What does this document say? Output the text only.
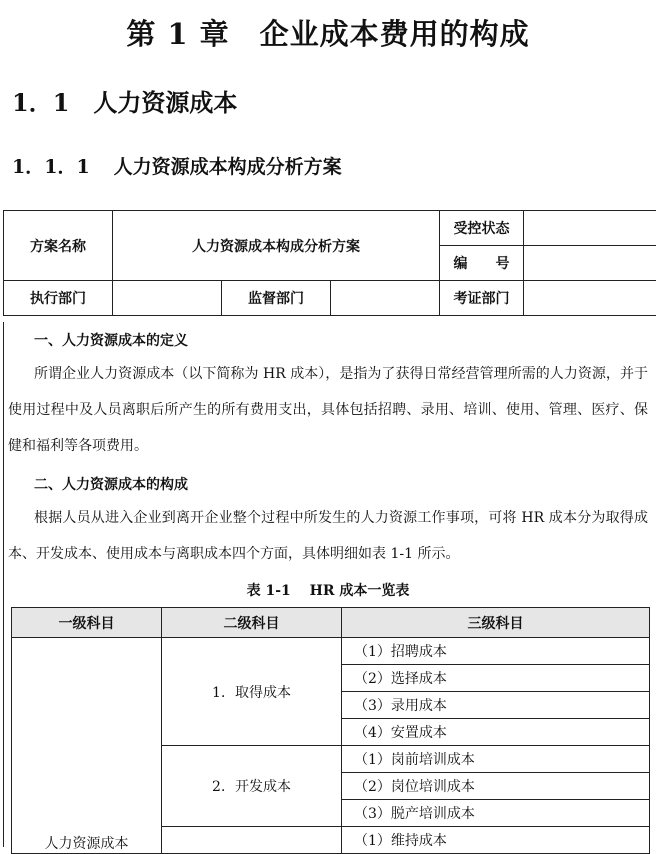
第 1 章　企业成本费用的构成
1．1 人力资源成本
1．1．1 人力资源成本构成分析方案
方案名称	人力资源成本构成分析方案			受控状态	
				编　　号	
执行部门		监督部门		考证部门	
一、人力资源成本的定义
所谓企业人力资源成本（以下简称为 HR 成本），是指为了获得日常经营管理所需的人力资源，并于使用过程中及人员离职后所产生的所有费用支出，具体包括招聘、录用、培训、使用、管理、医疗、保健和福利等各项费用。
二、人力资源成本的构成
根据人员从进入企业到离开企业整个过程中所发生的人力资源工作事项，可将 HR 成本分为取得成本、开发成本、使用成本与离职成本四个方面，具体明细如表 1-1 所示。
表 1-1　 HR 成本一览表
一级科目	二级科目	三级科目
人力资源成本	1．取得成本	（1）招聘成本
		（2）选择成本
		（3）录用成本
		（4）安置成本
	2．开发成本	（1）岗前培训成本
		（2）岗位培训成本
		（3）脱产培训成本
		（1）维持成本
